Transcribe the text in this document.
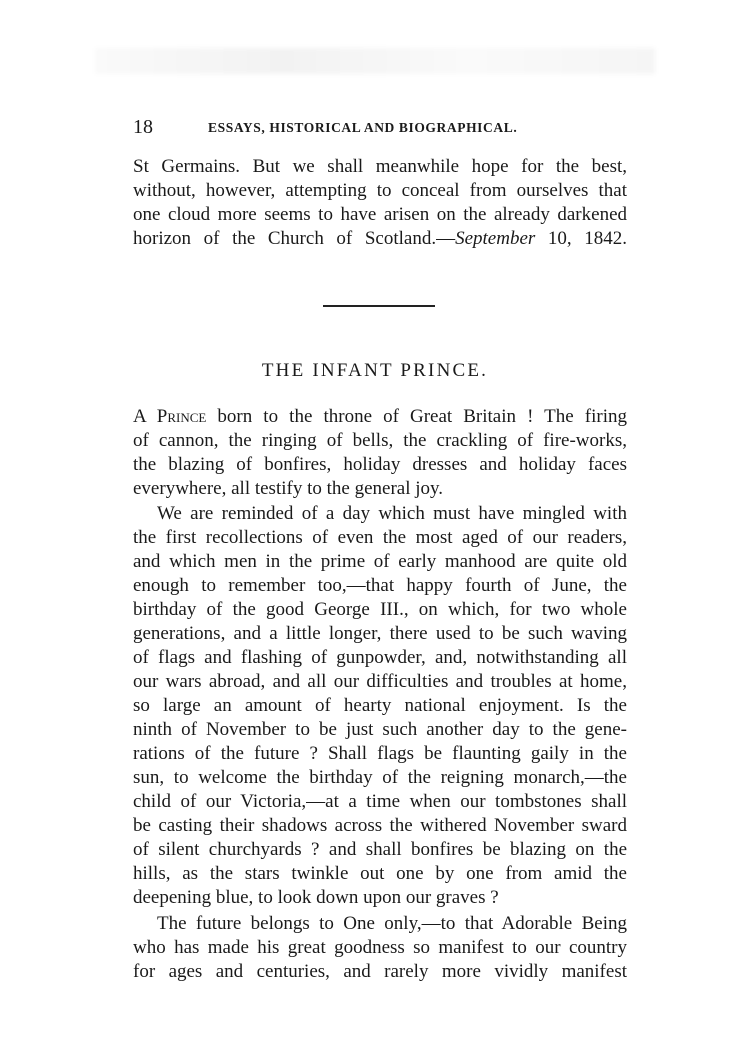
18	ESSAYS, HISTORICAL AND BIOGRAPHICAL.
St Germains. But we shall meanwhile hope for the best,
without, however, attempting to conceal from ourselves that
one cloud more seems to have arisen on the already darkened
horizon of the Church of Scotland.—September 10, 1842.
THE INFANT PRINCE.
A Prince born to the throne of Great Britain ! The firing
of cannon, the ringing of bells, the crackling of fire-works,
the blazing of bonfires, holiday dresses and holiday faces
everywhere, all testify to the general joy.
We are reminded of a day which must have mingled with
the first recollections of even the most aged of our readers,
and which men in the prime of early manhood are quite old
enough to remember too,—that happy fourth of June, the
birthday of the good George III., on which, for two whole
generations, and a little longer, there used to be such waving
of flags and flashing of gunpowder, and, notwithstanding all
our wars abroad, and all our difficulties and troubles at home,
so large an amount of hearty national enjoyment. Is the
ninth of November to be just such another day to the gene-
rations of the future ? Shall flags be flaunting gaily in the
sun, to welcome the birthday of the reigning monarch,—the
child of our Victoria,—at a time when our tombstones shall
be casting their shadows across the withered November sward
of silent churchyards ? and shall bonfires be blazing on the
hills, as the stars twinkle out one by one from amid the
deepening blue, to look down upon our graves ?
The future belongs to One only,—to that Adorable Being
who has made his great goodness so manifest to our country
for ages and centuries, and rarely more vividly manifest
